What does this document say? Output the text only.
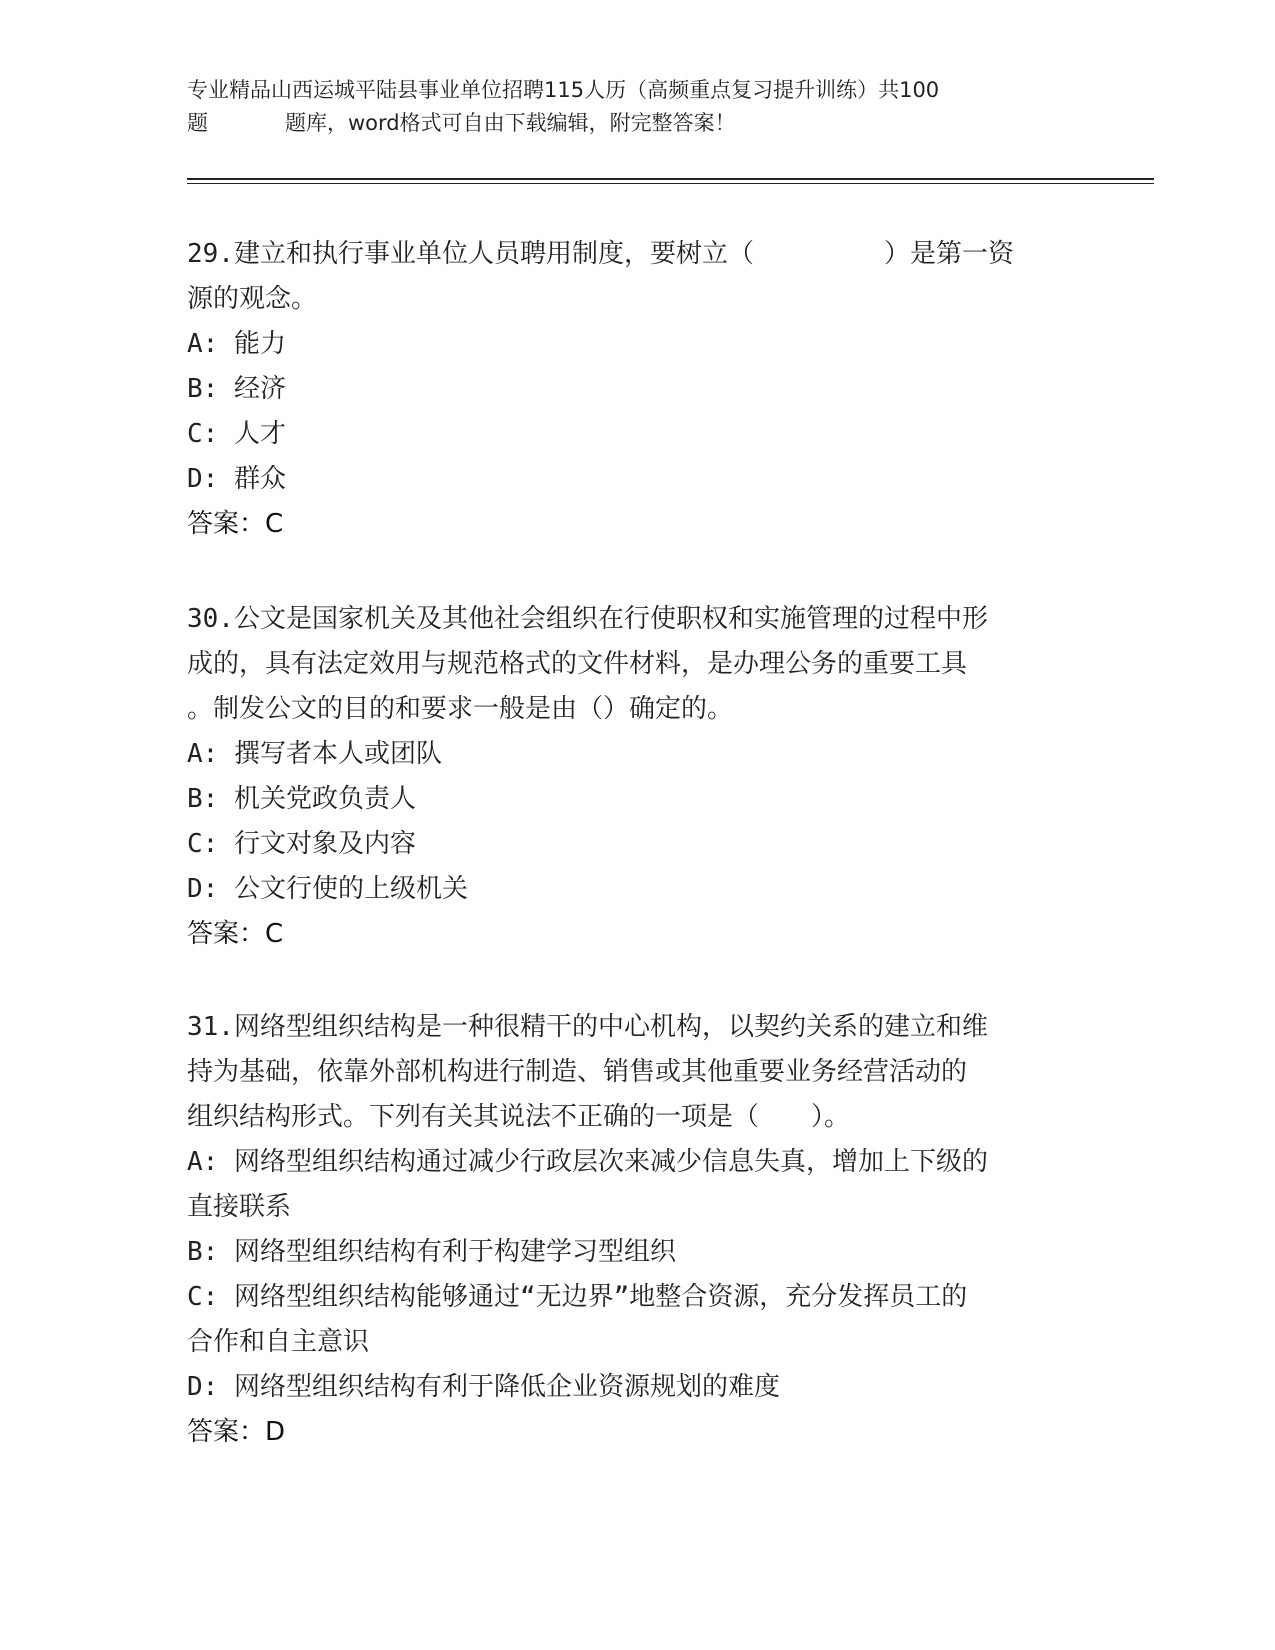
专业精品山西运城平陆县事业单位招聘115人历（高频重点复习提升训练）共100
题	题库，word格式可自由下载编辑，附完整答案！
29.建立和执行事业单位人员聘用制度，要树立（　　　　　）是第一资
源的观念。
A: 能力
B: 经济
C: 人才
D: 群众
答案：C
30.公文是国家机关及其他社会组织在行使职权和实施管理的过程中形
成的，具有法定效用与规范格式的文件材料，是办理公务的重要工具
。制发公文的目的和要求一般是由（）确定的。
A: 撰写者本人或团队
B: 机关党政负责人
C: 行文对象及内容
D: 公文行使的上级机关
答案：C
31.网络型组织结构是一种很精干的中心机构，以契约关系的建立和维
持为基础，依靠外部机构进行制造、销售或其他重要业务经营活动的
组织结构形式。下列有关其说法不正确的一项是（　　）。
A: 网络型组织结构通过减少行政层次来减少信息失真，增加上下级的
直接联系
B: 网络型组织结构有利于构建学习型组织
C: 网络型组织结构能够通过“无边界”地整合资源，充分发挥员工的
合作和自主意识
D: 网络型组织结构有利于降低企业资源规划的难度
答案：D
